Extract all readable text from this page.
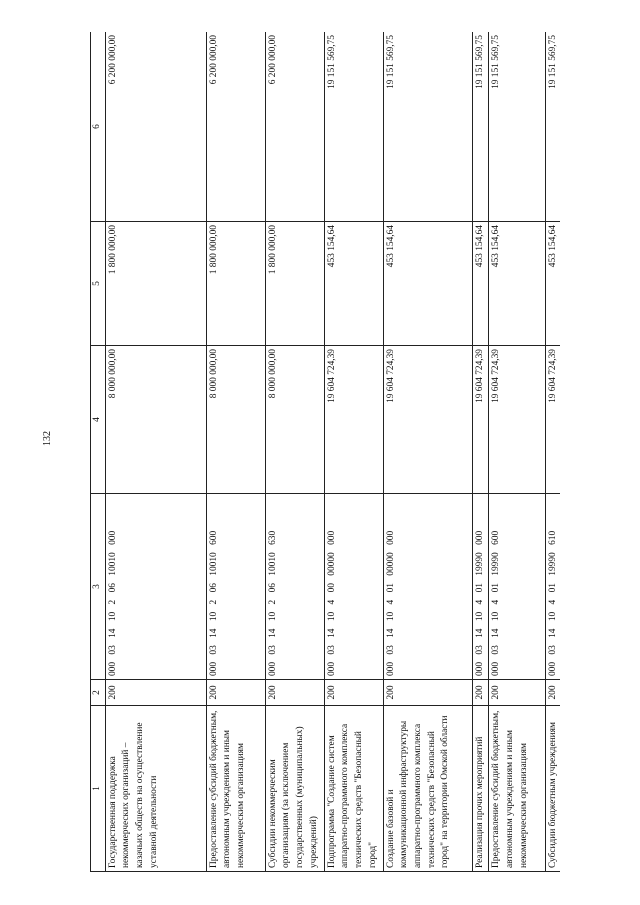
132
1	2	3	4	5	6
Государственная поддержка некоммерческих организаций – казачьих обществ на осуществление уставной деятельности	200	000 03 14 10 2 06 10010 000	8 000 000,00	1 800 000,00	6 200 000,00
Предоставление субсидий бюджетным, автономным учреждениям и иным некоммерческим организациям	200	000 03 14 10 2 06 10010 600	8 000 000,00	1 800 000,00	6 200 000,00
Субсидии некоммерческим организациям (за исключением государственных (муниципальных) учреждений)	200	000 03 14 10 2 06 10010 630	8 000 000,00	1 800 000,00	6 200 000,00
Подпрограмма "Создание систем аппаратно-программного комплекса технических средств "Безопасный город"	200	000 03 14 10 4 00 00000 000	19 604 724,39	453 154,64	19 151 569,75
Создание базовой и коммуникационной инфраструктуры аппаратно-программного комплекса технических средств "Безопасный город" на территории Омской области	200	000 03 14 10 4 01 00000 000	19 604 724,39	453 154,64	19 151 569,75
Реализация прочих мероприятий	200	000 03 14 10 4 01 19990 000	19 604 724,39	453 154,64	19 151 569,75
Предоставление субсидий бюджетным, автономным учреждениям и иным некоммерческим организациям	200	000 03 14 10 4 01 19990 600	19 604 724,39	453 154,64	19 151 569,75
Субсидии бюджетным учреждениям	200	000 03 14 10 4 01 19990 610	19 604 724,39	453 154,64	19 151 569,75
